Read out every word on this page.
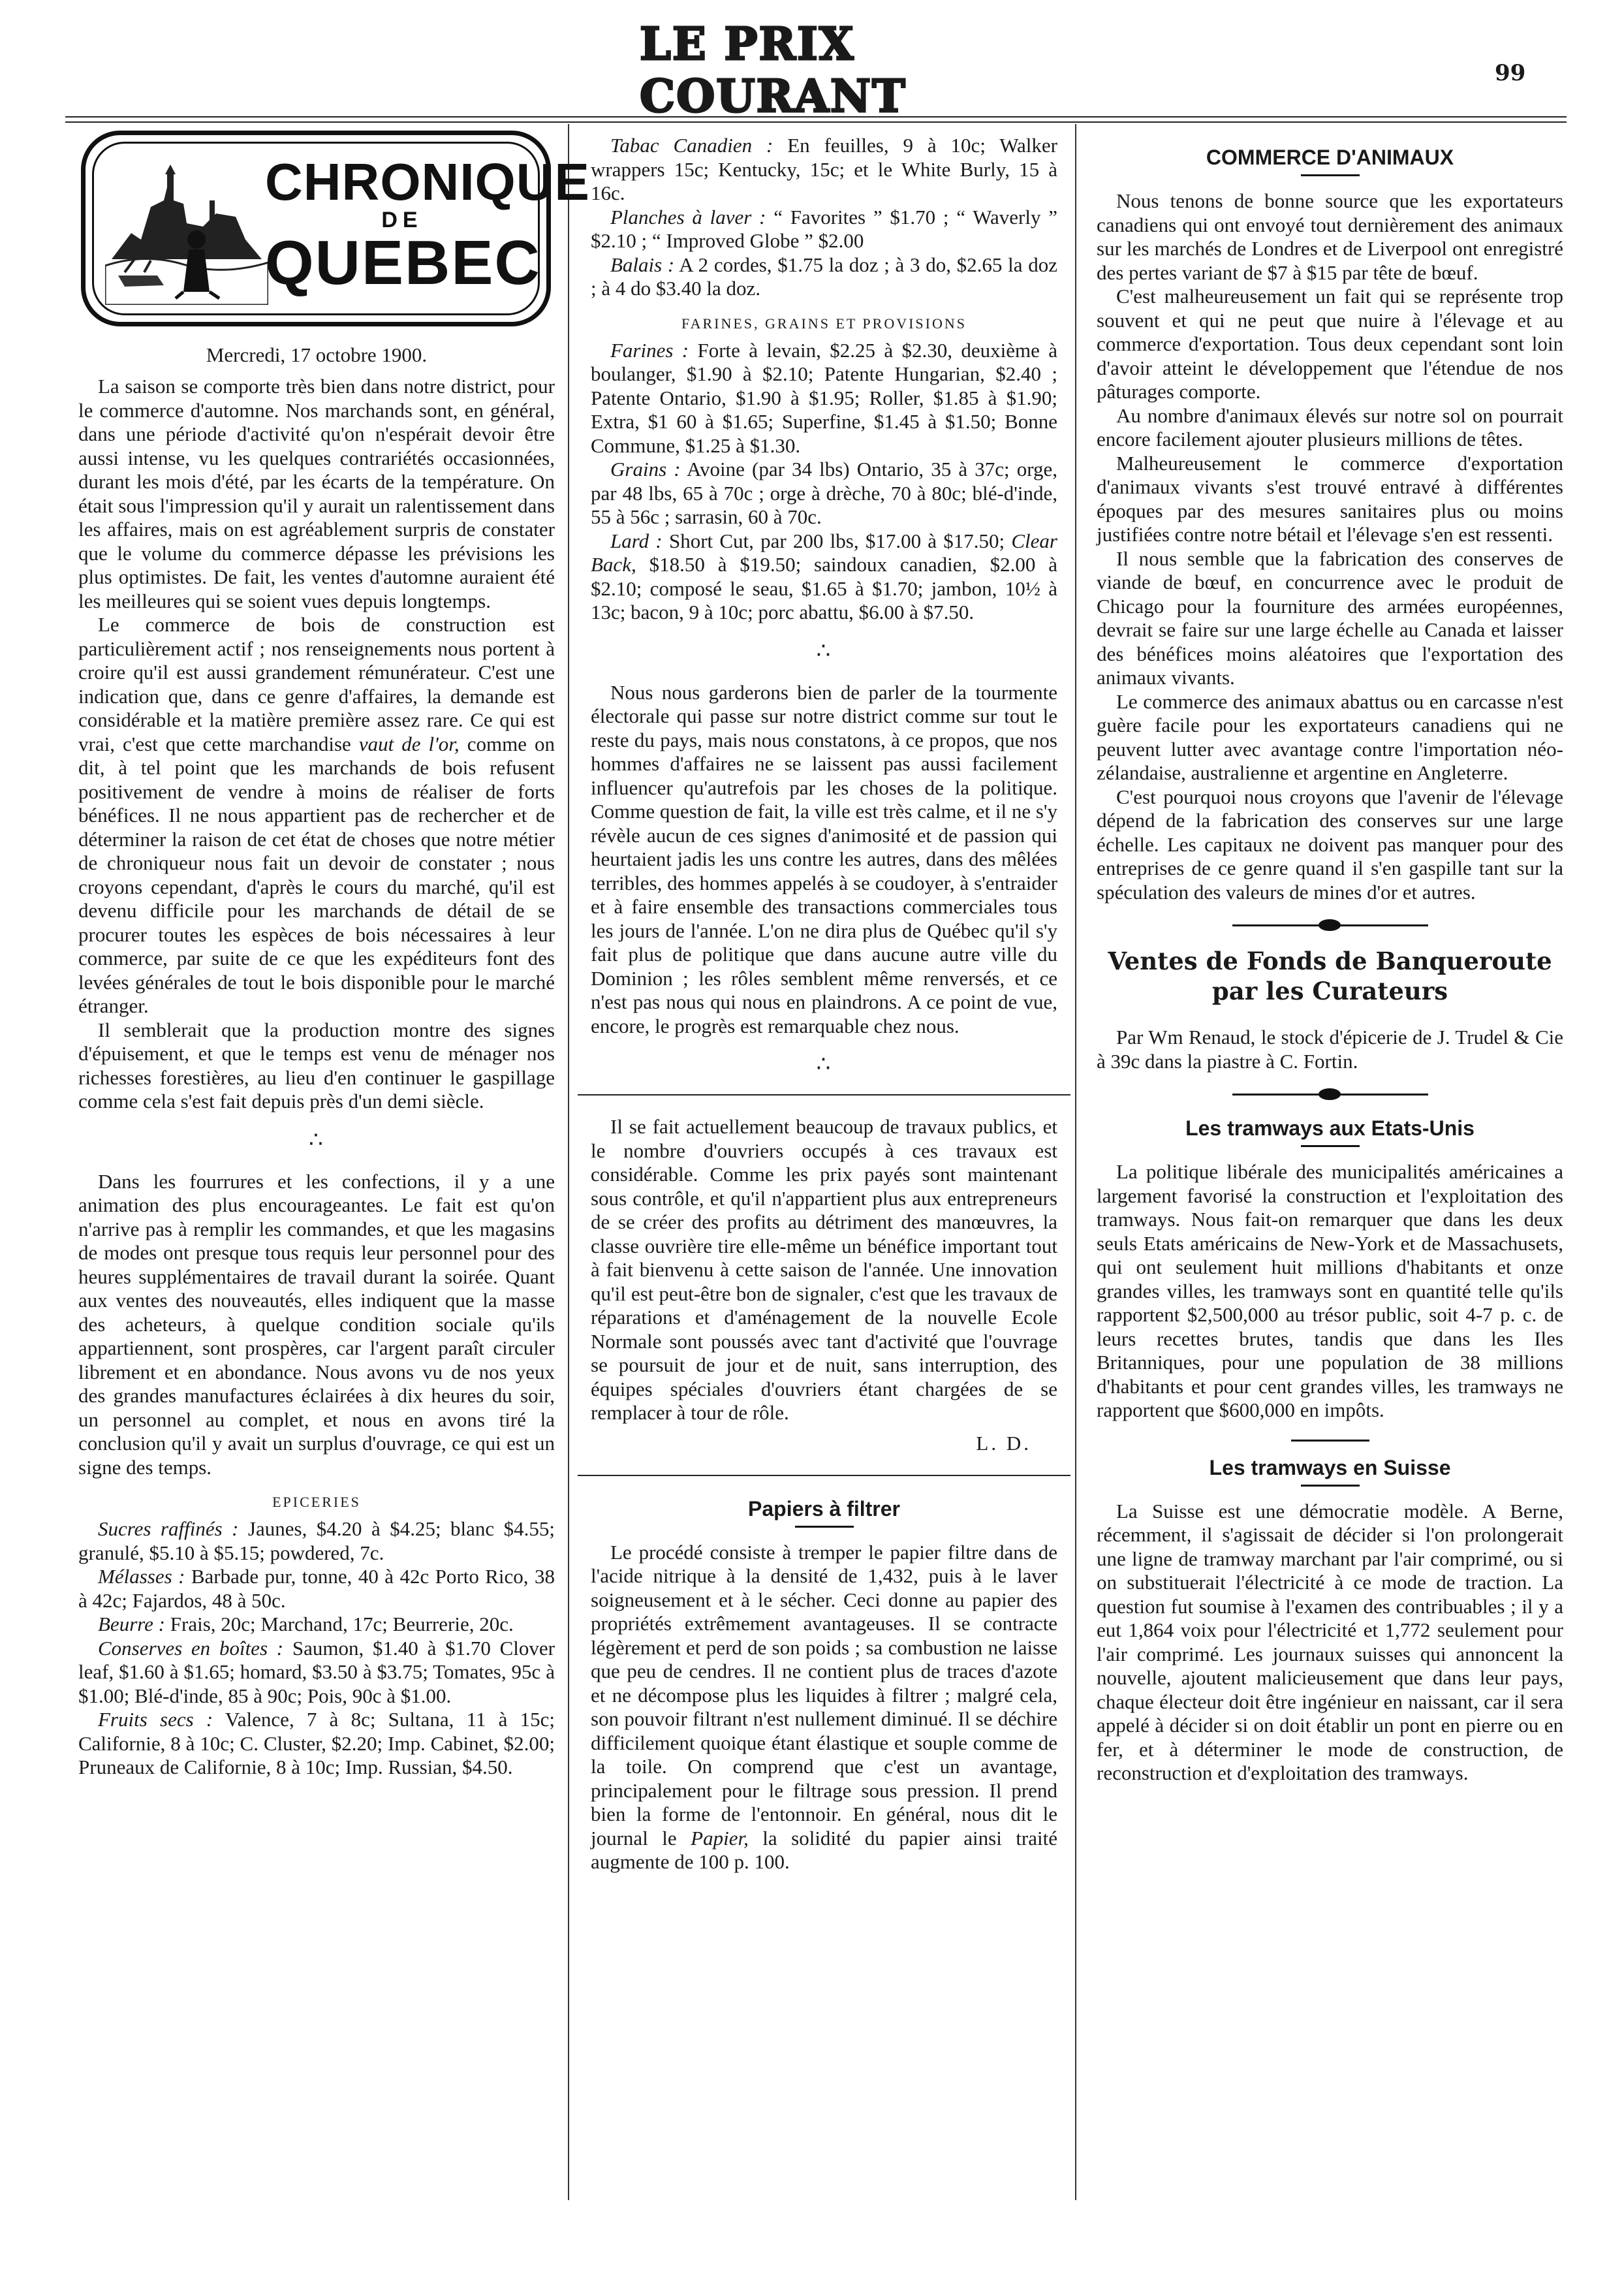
LE PRIX COURANT	99
CHRONIQUE
DE
QUEBEC
Mercredi, 17 octobre 1900.

La saison se comporte très bien dans notre district, pour le commerce d'automne. Nos marchands sont, en général, dans une période d'activité qu'on n'espérait devoir être aussi intense, vu les quelques contrariétés occasionnées, durant les mois d'été, par les écarts de la température. On était sous l'impression qu'il y aurait un ralentissement dans les affaires, mais on est agréablement surpris de constater que le volume du commerce dépasse les prévisions les plus optimistes. De fait, les ventes d'automne auraient été les meilleures qui se soient vues depuis longtemps.

Le commerce de bois de construction est particulièrement actif ; nos renseignements nous portent à croire qu'il est aussi grandement rémunérateur. C'est une indication que, dans ce genre d'affaires, la demande est considérable et la matière première assez rare. Ce qui est vrai, c'est que cette marchandise vaut de l'or, comme on dit, à tel point que les marchands de bois refusent positivement de vendre à moins de réaliser de forts bénéfices. Il ne nous appartient pas de rechercher et de déterminer la raison de cet état de choses que notre métier de chroniqueur nous fait un devoir de constater ; nous croyons cependant, d'après le cours du marché, qu'il est devenu difficile pour les marchands de détail de se procurer toutes les espèces de bois nécessaires à leur commerce, par suite de ce que les expéditeurs font des levées générales de tout le bois disponible pour le marché étranger.

Il semblerait que la production montre des signes d'épuisement, et que le temps est venu de ménager nos richesses forestières, au lieu d'en continuer le gaspillage comme cela s'est fait depuis près d'un demi siècle.

∴

Dans les fourrures et les confections, il y a une animation des plus encourageantes. Le fait est qu'on n'arrive pas à remplir les commandes, et que les magasins de modes ont presque tous requis leur personnel pour des heures supplémentaires de travail durant la soirée. Quant aux ventes des nouveautés, elles indiquent que la masse des acheteurs, à quelque condition sociale qu'ils appartiennent, sont prospères, car l'argent paraît circuler librement et en abondance. Nous avons vu de nos yeux des grandes manufactures éclairées à dix heures du soir, un personnel au complet, et nous en avons tiré la conclusion qu'il y avait un surplus d'ouvrage, ce qui est un signe des temps.

EPICERIES

Sucres raffinés : Jaunes, $4.20 à $4.25; blanc $4.55; granulé, $5.10 à $5.15; powdered, 7c.

Mélasses : Barbade pur, tonne, 40 à 42c Porto Rico, 38 à 42c; Fajardos, 48 à 50c.

Beurre : Frais, 20c; Marchand, 17c; Beurrerie, 20c.

Conserves en boîtes : Saumon, $1.40 à $1.70 Clover leaf, $1.60 à $1.65; homard, $3.50 à $3.75; Tomates, 95c à $1.00; Blé-d'inde, 85 à 90c; Pois, 90c à $1.00.

Fruits secs : Valence, 7 à 8c; Sultana, 11 à 15c; Californie, 8 à 10c; C. Cluster, $2.20; Imp. Cabinet, $2.00; Pruneaux de Californie, 8 à 10c; Imp. Russian, $4.50.

Tabac Canadien : En feuilles, 9 à 10c; Walker wrappers 15c; Kentucky, 15c; et le White Burly, 15 à 16c.

Planches à laver : “ Favorites ” $1.70 ; “ Waverly ” $2.10 ; “ Improved Globe ” $2.00

Balais : A 2 cordes, $1.75 la doz ; à 3 do, $2.65 la doz ; à 4 do $3.40 la doz.

FARINES, GRAINS ET PROVISIONS

Farines : Forte à levain, $2.25 à $2.30, deuxième à boulanger, $1.90 à $2.10; Patente Hungarian, $2.40 ; Patente Ontario, $1.90 à $1.95; Roller, $1.85 à $1.90; Extra, $1 60 à $1.65; Superfine, $1.45 à $1.50; Bonne Commune, $1.25 à $1.30.

Grains : Avoine (par 34 lbs) Ontario, 35 à 37c; orge, par 48 lbs, 65 à 70c ; orge à drèche, 70 à 80c; blé-d'inde, 55 à 56c ; sarrasin, 60 à 70c.

Lard : Short Cut, par 200 lbs, $17.00 à $17.50; Clear Back, $18.50 à $19.50; saindoux canadien, $2.00 à $2.10; composé le seau, $1.65 à $1.70; jambon, 10½ à 13c; bacon, 9 à 10c; porc abattu, $6.00 à $7.50.

∴

Nous nous garderons bien de parler de la tourmente électorale qui passe sur notre district comme sur tout le reste du pays, mais nous constatons, à ce propos, que nos hommes d'affaires ne se laissent pas aussi facilement influencer qu'autrefois par les choses de la politique. Comme question de fait, la ville est très calme, et il ne s'y révèle aucun de ces signes d'animosité et de passion qui heurtaient jadis les uns contre les autres, dans des mêlées terribles, des hommes appelés à se coudoyer, à s'entraider et à faire ensemble des transactions commerciales tous les jours de l'année. L'on ne dira plus de Québec qu'il s'y fait plus de politique que dans aucune autre ville du Dominion ; les rôles semblent même renversés, et ce n'est pas nous qui nous en plaindrons. A ce point de vue, encore, le progrès est remarquable chez nous.

∴

Il se fait actuellement beaucoup de travaux publics, et le nombre d'ouvriers occupés à ces travaux est considérable. Comme les prix payés sont maintenant sous contrôle, et qu'il n'appartient plus aux entrepreneurs de se créer des profits au détriment des manœuvres, la classe ouvrière tire elle-même un bénéfice important tout à fait bienvenu à cette saison de l'année. Une innovation qu'il est peut-être bon de signaler, c'est que les travaux de réparations et d'aménagement de la nouvelle Ecole Normale sont poussés avec tant d'activité que l'ouvrage se poursuit de jour et de nuit, sans interruption, des équipes spéciales d'ouvriers étant chargées de se remplacer à tour de rôle.

L. D.
Papiers à filtrer

Le procédé consiste à tremper le papier filtre dans de l'acide nitrique à la densité de 1,432, puis à le laver soigneusement et à le sécher. Ceci donne au papier des propriétés extrêmement avantageuses. Il se contracte légèrement et perd de son poids ; sa combustion ne laisse que peu de cendres. Il ne contient plus de traces d'azote et ne décompose plus les liquides à filtrer ; malgré cela, son pouvoir filtrant n'est nullement diminué. Il se déchire difficilement quoique étant élastique et souple comme de la toile. On comprend que c'est un avantage, principalement pour le filtrage sous pression. Il prend bien la forme de l'entonnoir. En général, nous dit le journal le Papier, la solidité du papier ainsi traité augmente de 100 p. 100.

COMMERCE D'ANIMAUX

Nous tenons de bonne source que les exportateurs canadiens qui ont envoyé tout dernièrement des animaux sur les marchés de Londres et de Liverpool ont enregistré des pertes variant de $7 à $15 par tête de bœuf.

C'est malheureusement un fait qui se représente trop souvent et qui ne peut que nuire à l'élevage et au commerce d'exportation. Tous deux cependant sont loin d'avoir atteint le développement que l'étendue de nos pâturages comporte.

Au nombre d'animaux élevés sur notre sol on pourrait encore facilement ajouter plusieurs millions de têtes.

Malheureusement le commerce d'exportation d'animaux vivants s'est trouvé entravé à différentes époques par des mesures sanitaires plus ou moins justifiées contre notre bétail et l'élevage s'en est ressenti.

Il nous semble que la fabrication des conserves de viande de bœuf, en concurrence avec le produit de Chicago pour la fourniture des armées européennes, devrait se faire sur une large échelle au Canada et laisser des bénéfices moins aléatoires que l'exportation des animaux vivants.

Le commerce des animaux abattus ou en carcasse n'est guère facile pour les exportateurs canadiens qui ne peuvent lutter avec avantage contre l'importation néo-zélandaise, australienne et argentine en Angleterre.

C'est pourquoi nous croyons que l'avenir de l'élevage dépend de la fabrication des conserves sur une large échelle. Les capitaux ne doivent pas manquer pour des entreprises de ce genre quand il s'en gaspille tant sur la spéculation des valeurs de mines d'or et autres.

Ventes de Fonds de Banqueroute par les Curateurs

Par Wm Renaud, le stock d'épicerie de J. Trudel & Cie à 39c dans la piastre à C. Fortin.

Les tramways aux Etats-Unis

La politique libérale des municipalités américaines a largement favorisé la construction et l'exploitation des tramways. Nous fait-on remarquer que dans les deux seuls Etats américains de New-York et de Massachusets, qui ont seulement huit millions d'habitants et onze grandes villes, les tramways sont en quantité telle qu'ils rapportent $2,500,000 au trésor public, soit 4-7 p. c. de leurs recettes brutes, tandis que dans les Iles Britanniques, pour une population de 38 millions d'habitants et pour cent grandes villes, les tramways ne rapportent que $600,000 en impôts.

Les tramways en Suisse

La Suisse est une démocratie modèle. A Berne, récemment, il s'agissait de décider si l'on prolongerait une ligne de tramway marchant par l'air comprimé, ou si on substituerait l'électricité à ce mode de traction. La question fut soumise à l'examen des contribuables ; il y a eut 1,864 voix pour l'électricité et 1,772 seulement pour l'air comprimé. Les journaux suisses qui annoncent la nouvelle, ajoutent malicieusement que dans leur pays, chaque électeur doit être ingénieur en naissant, car il sera appelé à décider si on doit établir un pont en pierre ou en fer, et à déterminer le mode de construction, de reconstruction et d'exploitation des tramways.
